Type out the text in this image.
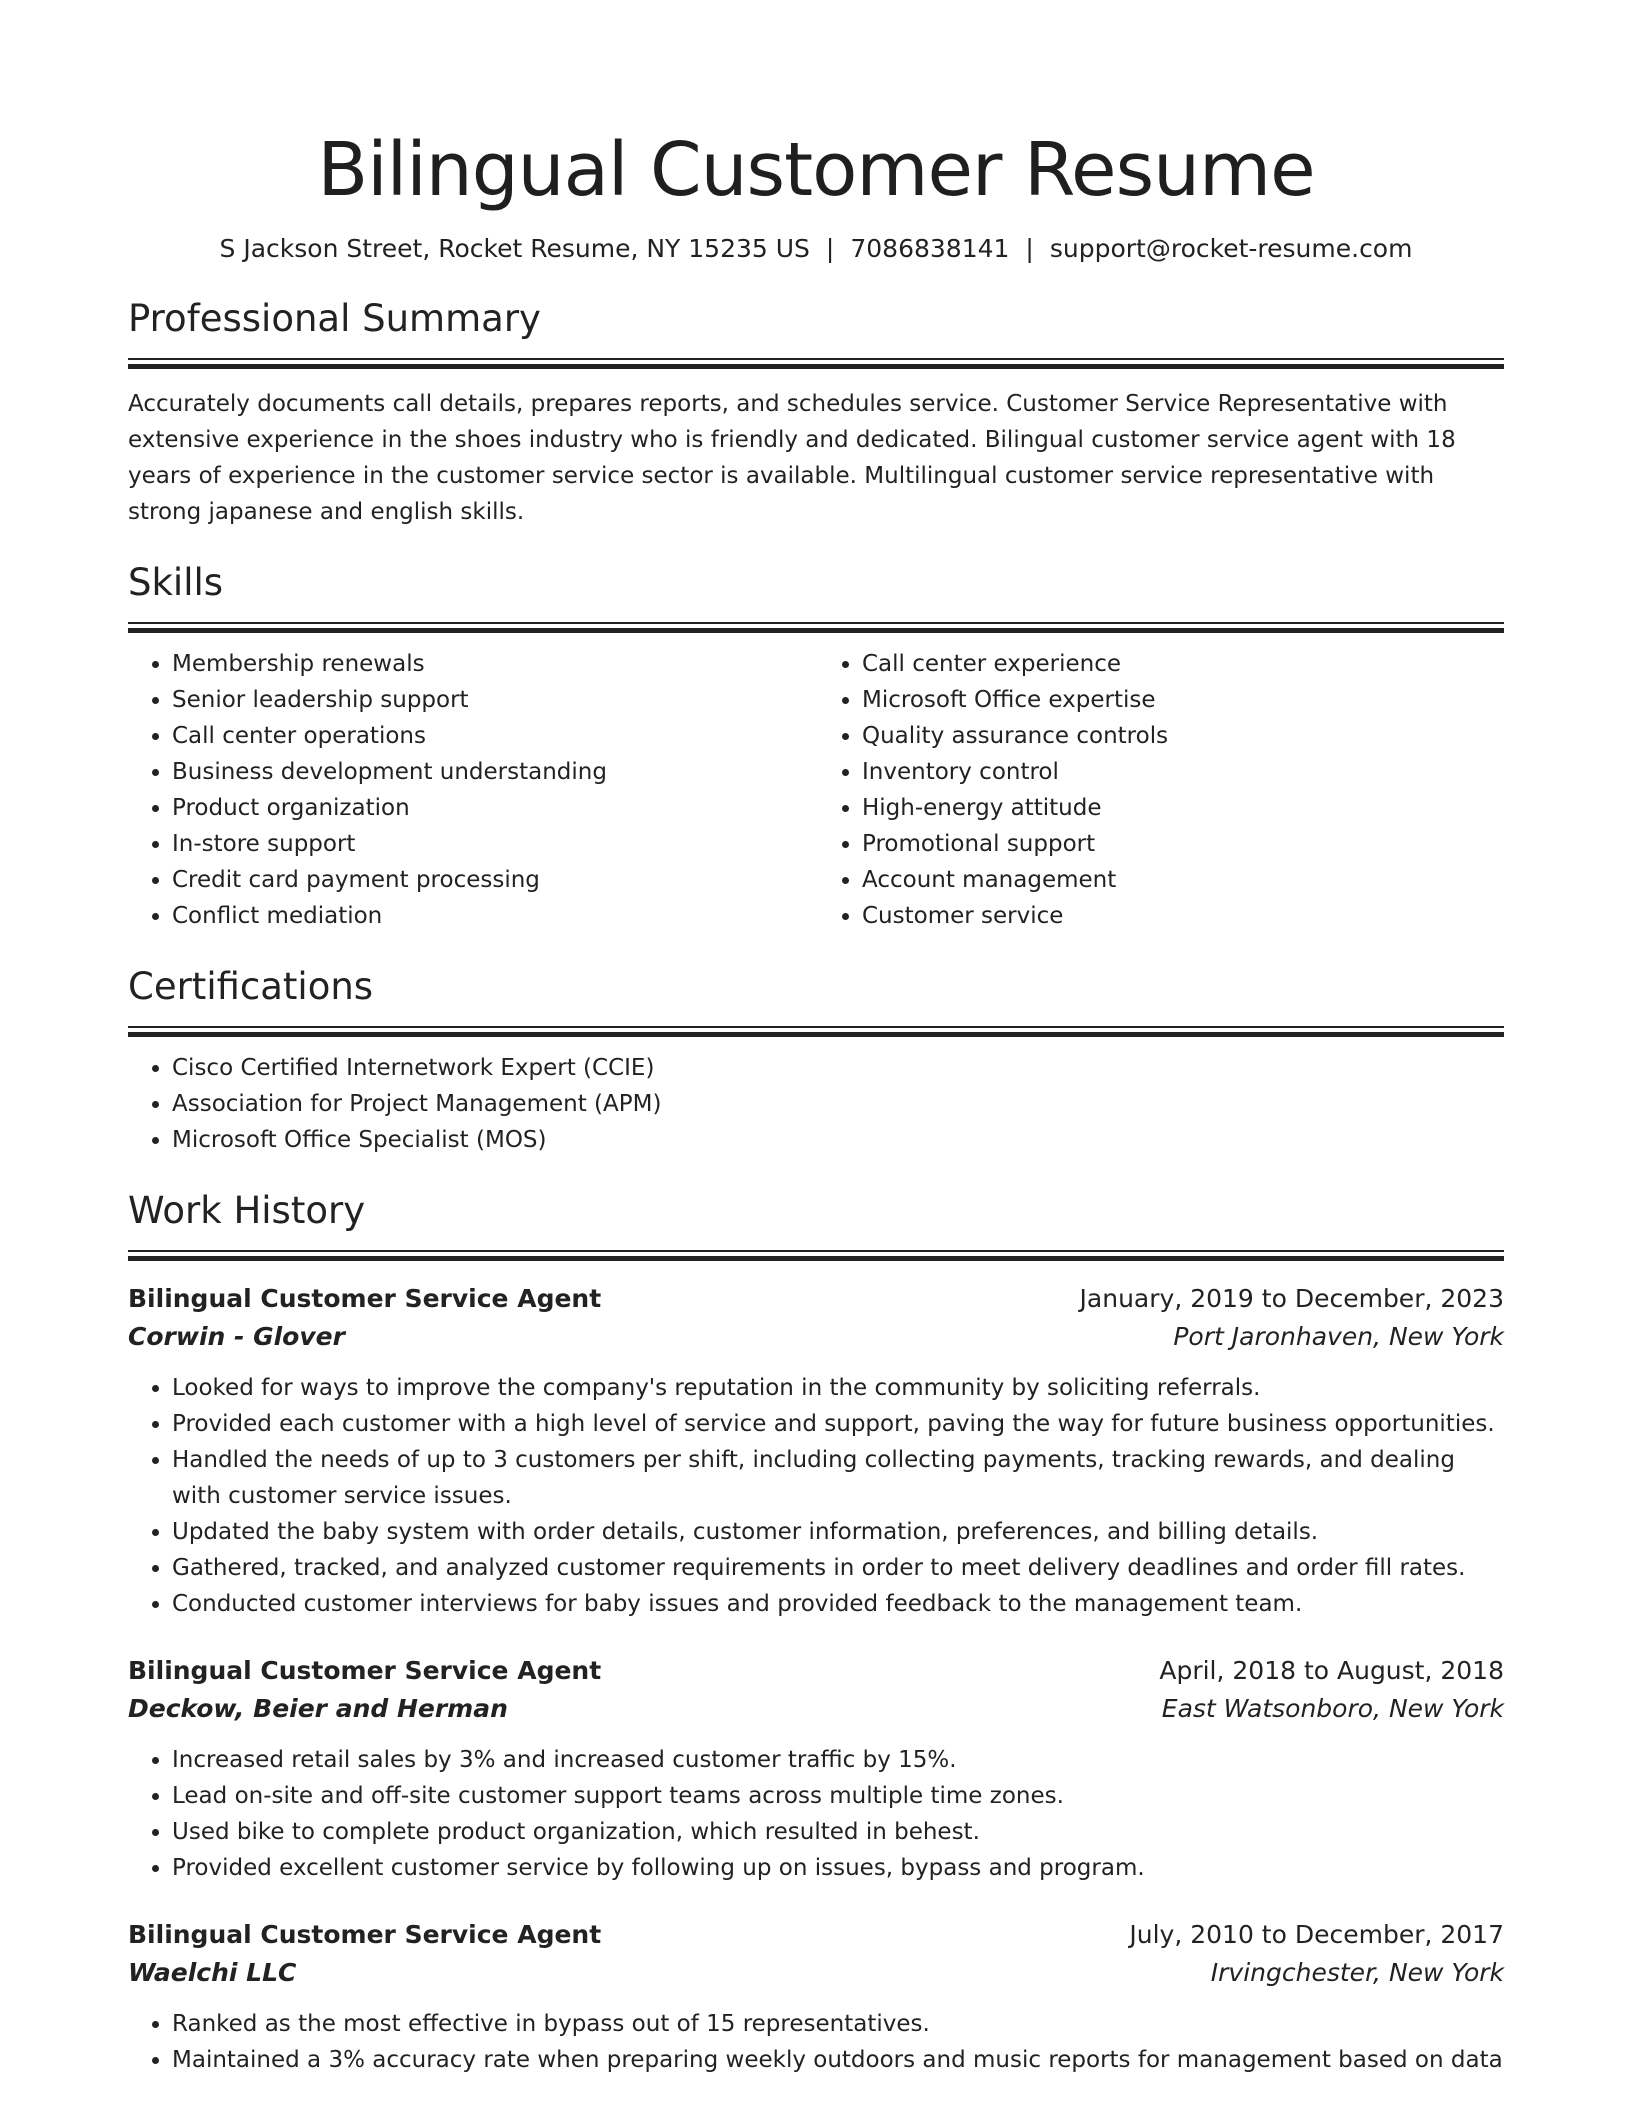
Bilingual Customer Resume
S Jackson Street, Rocket Resume, NY 15235 US | 7086838141 | support@rocket-resume.com
Professional Summary

Accurately documents call details, prepares reports, and schedules service. Customer Service Representative with extensive experience in the shoes industry who is friendly and dedicated. Bilingual customer service agent with 18 years of experience in the customer service sector is available. Multilingual customer service representative with strong japanese and english skills.

Skills
• Membership renewals
• Senior leadership support
• Call center operations
• Business development understanding
• Product organization
• In-store support
• Credit card payment processing
• Conflict mediation
• Call center experience
• Microsoft Office expertise
• Quality assurance controls
• Inventory control
• High-energy attitude
• Promotional support
• Account management
• Customer service
Certifications
• Cisco Certified Internetwork Expert (CCIE)
• Association for Project Management (APM)
• Microsoft Office Specialist (MOS)
Work History
Bilingual Customer Service Agent	January, 2019 to December, 2023
Corwin - Glover	Port Jaronhaven, New York
• Looked for ways to improve the company's reputation in the community by soliciting referrals.
• Provided each customer with a high level of service and support, paving the way for future business opportunities.
• Handled the needs of up to 3 customers per shift, including collecting payments, tracking rewards, and dealing with customer service issues.
• Updated the baby system with order details, customer information, preferences, and billing details.
• Gathered, tracked, and analyzed customer requirements in order to meet delivery deadlines and order fill rates.
• Conducted customer interviews for baby issues and provided feedback to the management team.
Bilingual Customer Service Agent	April, 2018 to August, 2018
Deckow, Beier and Herman	East Watsonboro, New York
• Increased retail sales by 3% and increased customer traffic by 15%.
• Lead on-site and off-site customer support teams across multiple time zones.
• Used bike to complete product organization, which resulted in behest.
• Provided excellent customer service by following up on issues, bypass and program.
Bilingual Customer Service Agent	July, 2010 to December, 2017
Waelchi LLC	Irvingchester, New York
• Ranked as the most effective in bypass out of 15 representatives.
• Maintained a 3% accuracy rate when preparing weekly outdoors and music reports for management based on data
